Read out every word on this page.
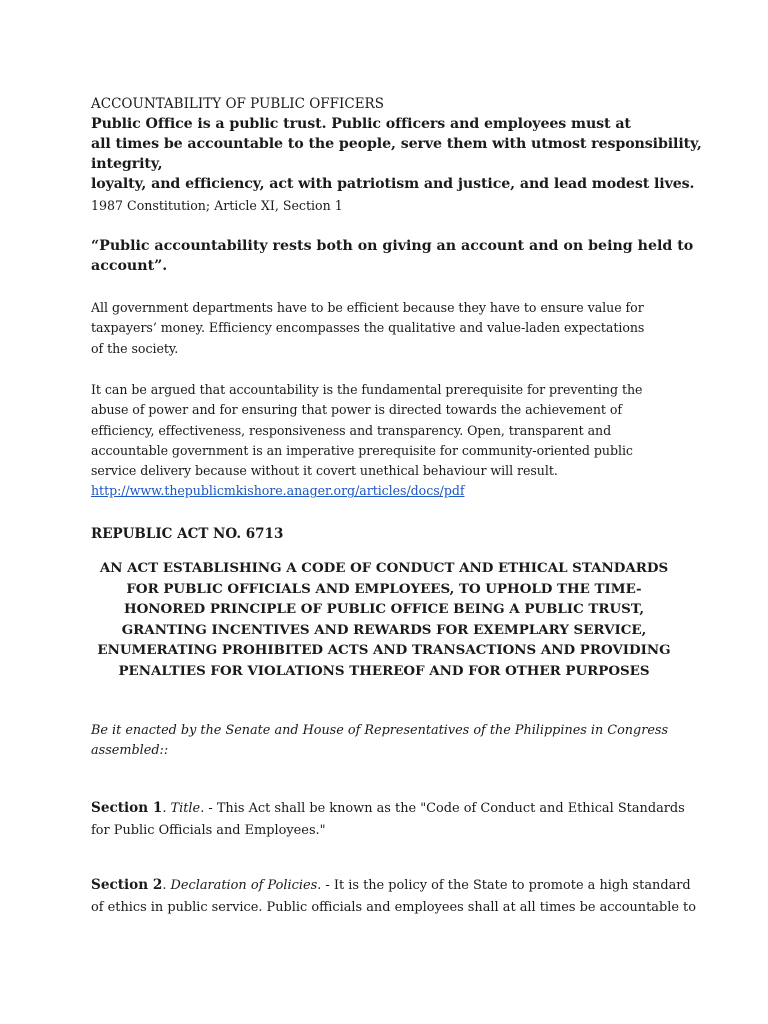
ACCOUNTABILITY OF PUBLIC OFFICERS
Public Office is a public trust. Public officers and employees must at
all times be accountable to the people, serve them with utmost responsibility,
integrity,
loyalty, and efficiency, act with patriotism and justice, and lead modest lives.
1987 Constitution; Article XI, Section 1
“Public accountability rests both on giving an account and on being held to
account”.
All government departments have to be efficient because they have to ensure value for
taxpayers’ money. Efficiency encompasses the qualitative and value-laden expectations
of the society.
It can be argued that accountability is the fundamental prerequisite for preventing the
abuse of power and for ensuring that power is directed towards the achievement of
efficiency, effectiveness, responsiveness and transparency. Open, transparent and
accountable government is an imperative prerequisite for community-oriented public
service delivery because without it covert unethical behaviour will result.
http://www.thepublicmkishore.anager.org/articles/docs/pdf
REPUBLIC ACT NO. 6713
AN ACT ESTABLISHING A CODE OF CONDUCT AND ETHICAL STANDARDS
FOR PUBLIC OFFICIALS AND EMPLOYEES, TO UPHOLD THE TIME-
HONORED PRINCIPLE OF PUBLIC OFFICE BEING A PUBLIC TRUST,
GRANTING INCENTIVES AND REWARDS FOR EXEMPLARY SERVICE,
ENUMERATING PROHIBITED ACTS AND TRANSACTIONS AND PROVIDING
PENALTIES FOR VIOLATIONS THEREOF AND FOR OTHER PURPOSES
Be it enacted by the Senate and House of Representatives of the Philippines in Congress
assembled::
Section 1. Title. - This Act shall be known as the "Code of Conduct and Ethical Standards
for Public Officials and Employees."
Section 2. Declaration of Policies. - It is the policy of the State to promote a high standard
of ethics in public service. Public officials and employees shall at all times be accountable to
